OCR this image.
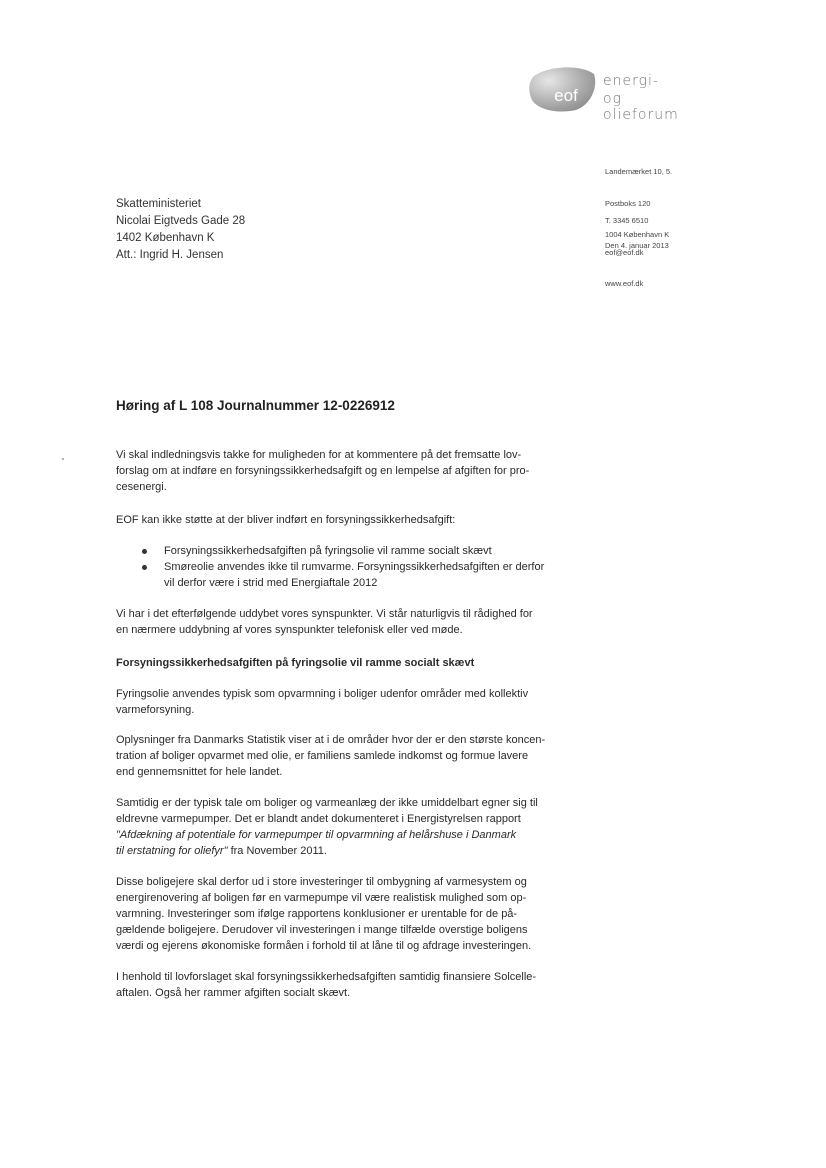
eof
energi-
og olieforum

Landemærket 10, 5.

Postboks 120

1004 København K

T. 3345 6510

eof@eof.dk

www.eof.dk

Den 4. januar 2013
Skatteministeriet
Nicolai Eigtveds Gade 28
1402 København K
Att.: Ingrid H. Jensen
Høring af L 108 Journalnummer 12-0226912
Vi skal indledningsvis takke for muligheden for at kommentere på det fremsatte lov-
forslag om at indføre en forsyningssikkerhedsafgift og en lempelse af afgiften for pro-
cesenergi.
EOF kan ikke støtte at der bliver indført en forsyningssikkerhedsafgift:
Forsyningssikkerhedsafgiften på fyringsolie vil ramme socialt skævt
Smøreolie anvendes ikke til rumvarme. Forsyningssikkerhedsafgiften er derfor
vil derfor være i strid med Energiaftale 2012
Vi har i det efterfølgende uddybet vores synspunkter. Vi står naturligvis til rådighed for
en nærmere uddybning af vores synspunkter telefonisk eller ved møde.
Forsyningssikkerhedsafgiften på fyringsolie vil ramme socialt skævt
Fyringsolie anvendes typisk som opvarmning i boliger udenfor områder med kollektiv
varmeforsyning.
Oplysninger fra Danmarks Statistik viser at i de områder hvor der er den største koncen-
tration af boliger opvarmet med olie, er familiens samlede indkomst og formue lavere
end gennemsnittet for hele landet.
Samtidig er der typisk tale om boliger og varmeanlæg der ikke umiddelbart egner sig til
eldrevne varmepumper. Det er blandt andet dokumenteret i Energistyrelsen rapport
"Afdækning af potentiale for varmepumper til opvarmning af helårshuse i Danmark
til erstatning for oliefyr" fra November 2011.
Disse boligejere skal derfor ud i store investeringer til ombygning af varmesystem og
energirenovering af boligen før en varmepumpe vil være realistisk mulighed som op-
varmning. Investeringer som ifølge rapportens konklusioner er urentable for de på-
gældende boligejere. Derudover vil investeringen i mange tilfælde overstige boligens
værdi og ejerens økonomiske formåen i forhold til at låne til og afdrage investeringen.
I henhold til lovforslaget skal forsyningssikkerhedsafgiften samtidig finansiere Solcelle-
aftalen. Også her rammer afgiften socialt skævt.
